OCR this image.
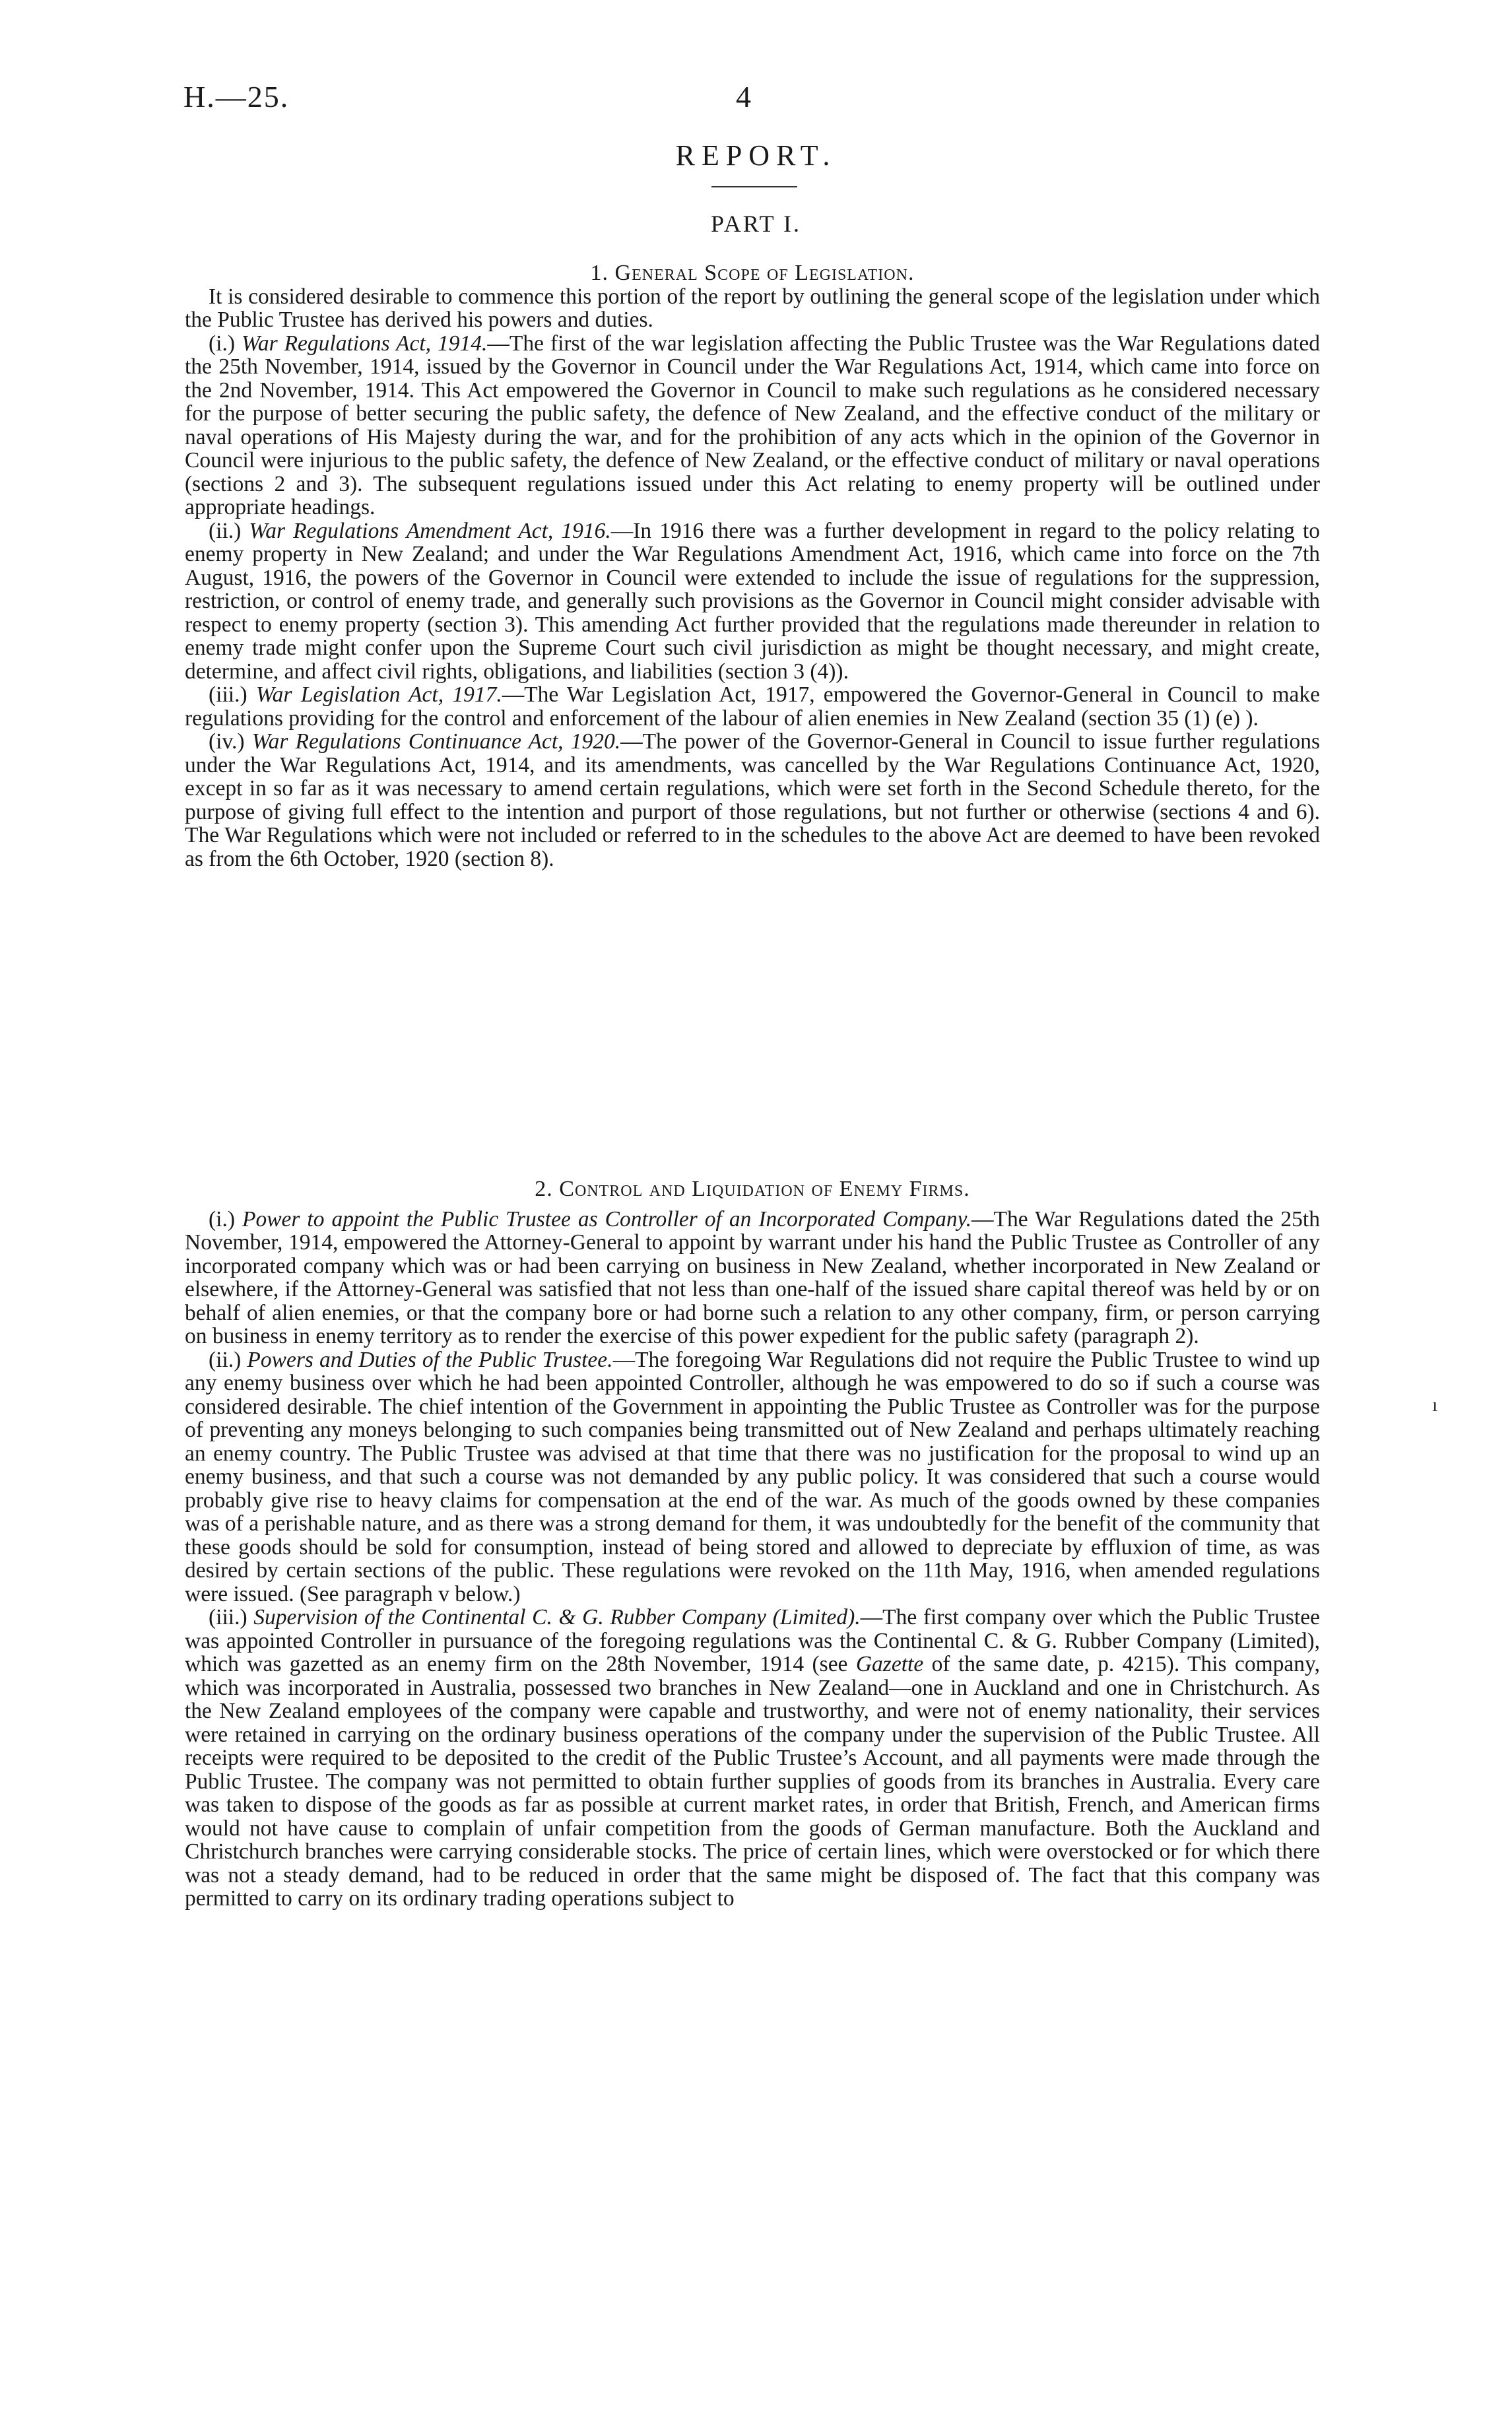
H.—25.	4
REPORT.
PART I.

1. General Scope of Legislation.

It is considered desirable to commence this portion of the report by outlining the general scope of the legislation under which the Public Trustee has derived his powers and duties.

(i.) War Regulations Act, 1914.—The first of the war legislation affecting the Public Trustee was the War Regulations dated the 25th November, 1914, issued by the Governor in Council under the War Regulations Act, 1914, which came into force on the 2nd November, 1914. This Act empowered the Governor in Council to make such regulations as he considered necessary for the purpose of better securing the public safety, the defence of New Zealand, and the effective conduct of the military or naval operations of His Majesty during the war, and for the prohibition of any acts which in the opinion of the Governor in Council were injurious to the public safety, the defence of New Zealand, or the effective conduct of military or naval operations (sections 2 and 3). The subsequent regulations issued under this Act relating to enemy property will be outlined under appropriate headings.

(ii.) War Regulations Amendment Act, 1916.—In 1916 there was a further development in regard to the policy relating to enemy property in New Zealand; and under the War Regulations Amendment Act, 1916, which came into force on the 7th August, 1916, the powers of the Governor in Council were extended to include the issue of regulations for the suppression, restriction, or control of enemy trade, and generally such provisions as the Governor in Council might consider advisable with respect to enemy property (section 3). This amending Act further provided that the regulations made thereunder in relation to enemy trade might confer upon the Supreme Court such civil jurisdiction as might be thought necessary, and might create, determine, and affect civil rights, obligations, and liabilities (section 3 (4)).

(iii.) War Legislation Act, 1917.—The War Legislation Act, 1917, empowered the Governor-General in Council to make regulations providing for the control and enforcement of the labour of alien enemies in New Zealand (section 35 (1) (e) ).

(iv.) War Regulations Continuance Act, 1920.—The power of the Governor-General in Council to issue further regulations under the War Regulations Act, 1914, and its amendments, was cancelled by the War Regulations Continuance Act, 1920, except in so far as it was necessary to amend certain regulations, which were set forth in the Second Schedule thereto, for the purpose of giving full effect to the intention and purport of those regulations, but not further or otherwise (sections 4 and 6). The War Regulations which were not included or referred to in the schedules to the above Act are deemed to have been revoked as from the 6th October, 1920 (section 8).

2. Control and Liquidation of Enemy Firms.

(i.) Power to appoint the Public Trustee as Controller of an Incorporated Company.—The War Regulations dated the 25th November, 1914, empowered the Attorney-General to appoint by warrant under his hand the Public Trustee as Controller of any incorporated company which was or had been carrying on business in New Zealand, whether incorporated in New Zealand or elsewhere, if the Attorney-General was satisfied that not less than one-half of the issued share capital thereof was held by or on behalf of alien enemies, or that the company bore or had borne such a relation to any other company, firm, or person carrying on business in enemy territory as to render the exercise of this power expedient for the public safety (paragraph 2).

(ii.) Powers and Duties of the Public Trustee.—The foregoing War Regulations did not require the Public Trustee to wind up any enemy business over which he had been appointed Controller, although he was empowered to do so if such a course was considered desirable. The chief intention of the Government in appointing the Public Trustee as Controller was for the purpose of preventing any moneys belonging to such companies being transmitted out of New Zealand and perhaps ultimately reaching an enemy country. The Public Trustee was advised at that time that there was no justification for the proposal to wind up an enemy business, and that such a course was not demanded by any public policy. It was considered that such a course would probably give rise to heavy claims for compensation at the end of the war. As much of the goods owned by these companies was of a perishable nature, and as there was a strong demand for them, it was undoubtedly for the benefit of the community that these goods should be sold for consumption, instead of being stored and allowed to depreciate by effluxion of time, as was desired by certain sections of the public. These regulations were revoked on the 11th May, 1916, when amended regulations were issued. (See paragraph v below.)

(iii.) Supervision of the Continental C. & G. Rubber Company (Limited).—The first company over which the Public Trustee was appointed Controller in pursuance of the foregoing regulations was the Continental C. & G. Rubber Company (Limited), which was gazetted as an enemy firm on the 28th November, 1914 (see Gazette of the same date, p. 4215). This company, which was incorporated in Australia, possessed two branches in New Zealand—one in Auckland and one in Christchurch. As the New Zealand employees of the company were capable and trustworthy, and were not of enemy nationality, their services were retained in carrying on the ordinary business operations of the company under the supervision of the Public Trustee. All receipts were required to be deposited to the credit of the Public Trustee’s Account, and all payments were made through the Public Trustee. The company was not permitted to obtain further supplies of goods from its branches in Australia. Every care was taken to dispose of the goods as far as possible at current market rates, in order that British, French, and American firms would not have cause to complain of unfair competition from the goods of German manufacture. Both the Auckland and Christchurch branches were carrying considerable stocks. The price of certain lines, which were overstocked or for which there was not a steady demand, had to be reduced in order that the same might be disposed of. The fact that this company was permitted to carry on its ordinary trading operations subject to

ı
